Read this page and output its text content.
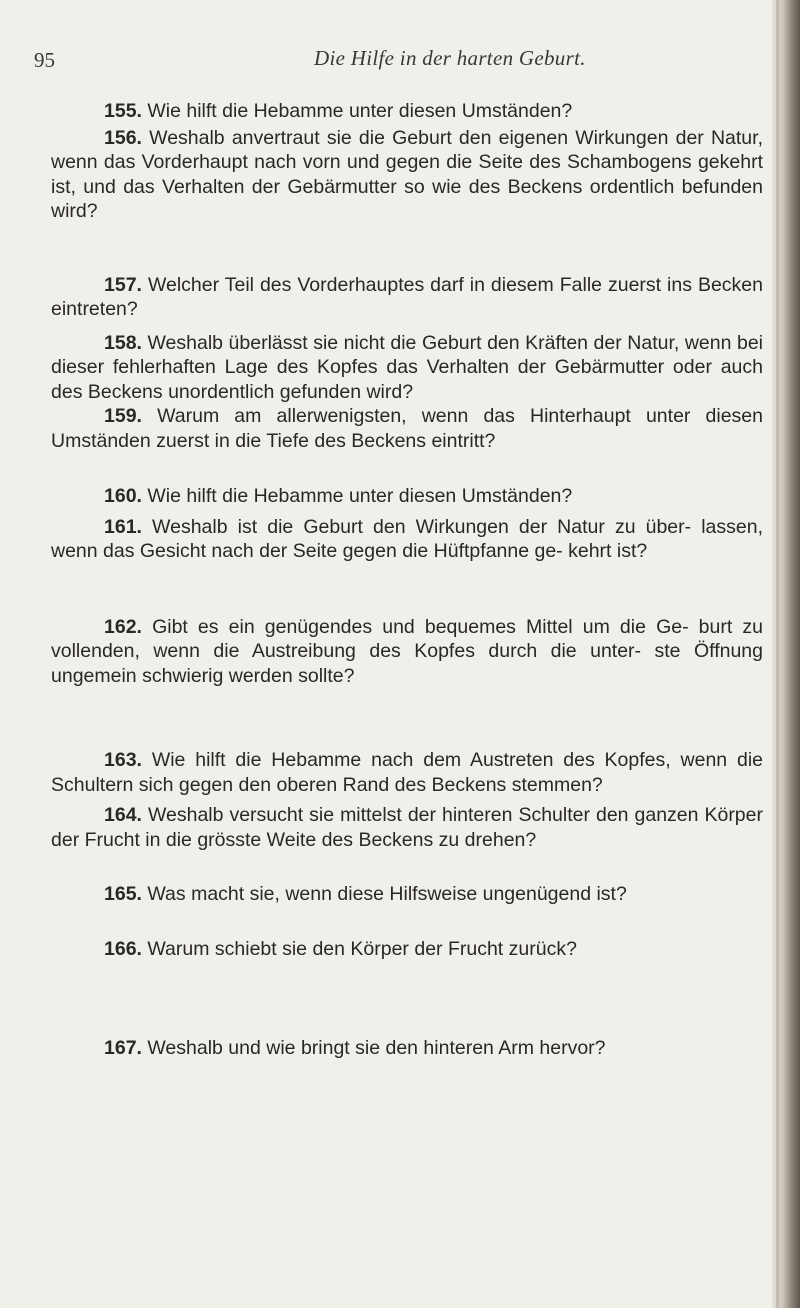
95	Die Hilfe in der harten Geburt.

155. Wie hilft die Hebamme unter diesen Umständen?

156. Weshalb anvertraut sie die Geburt den eigenen Wirkungen der Natur, wenn das Vorderhaupt nach vorn und gegen die Seite des Schambogens gekehrt ist, und das Verhalten der Gebärmutter so wie des Beckens ordentlich befunden wird?

157. Welcher Teil des Vorderhauptes darf in diesem Falle zuerst ins Becken eintreten?

158. Weshalb überlässt sie nicht die Geburt den Kräften der Natur, wenn bei dieser fehlerhaften Lage des Kopfes das Verhalten der Gebärmutter oder auch des Beckens unordentlich gefunden wird?

159. Warum am allerwenigsten, wenn das Hinterhaupt unter diesen Umständen zuerst in die Tiefe des Beckens eintritt?

160. Wie hilft die Hebamme unter diesen Umständen?

161. Weshalb ist die Geburt den Wirkungen der Natur zu über- lassen, wenn das Gesicht nach der Seite gegen die Hüftpfanne ge- kehrt ist?

162. Gibt es ein genügendes und bequemes Mittel um die Ge- burt zu vollenden, wenn die Austreibung des Kopfes durch die unter- ste Öffnung ungemein schwierig werden sollte?

163. Wie hilft die Hebamme nach dem Austreten des Kopfes, wenn die Schultern sich gegen den oberen Rand des Beckens stemmen?

164. Weshalb versucht sie mittelst der hinteren Schulter den ganzen Körper der Frucht in die grösste Weite des Beckens zu drehen?

165. Was macht sie, wenn diese Hilfsweise ungenügend ist?

166. Warum schiebt sie den Körper der Frucht zurück?

167. Weshalb und wie bringt sie den hinteren Arm hervor?
